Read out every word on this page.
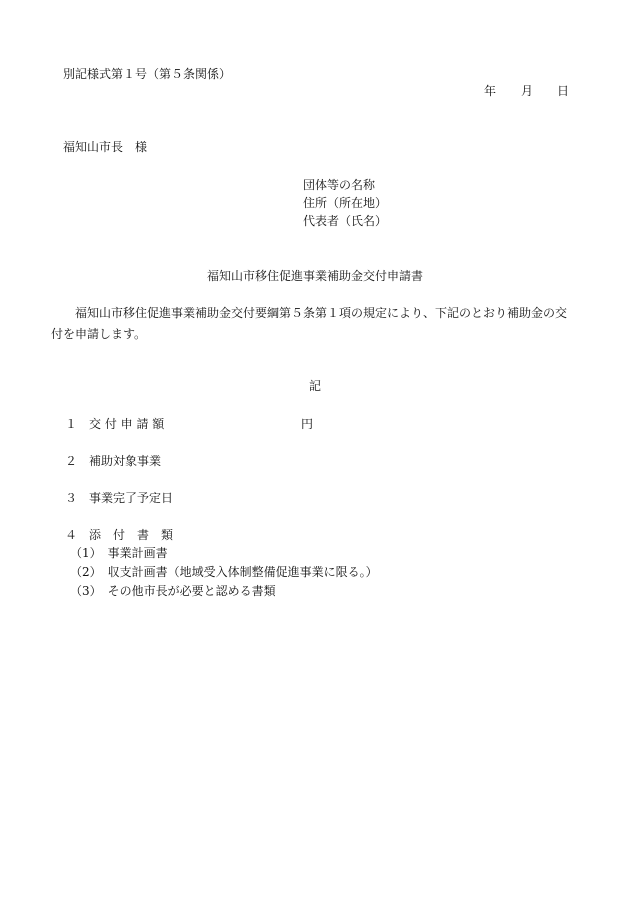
別記様式第１号（第５条関係）
年 月 日
福知山市長　様
団体等の名称
住所（所在地）
代表者（氏名）
福知山市移住促進事業補助金交付申請書
福知山市移住促進事業補助金交付要綱第５条第１項の規定により、下記のとおり補助金の交
付を申請します。
記
１　交 付 申 請 額	円
２　補助対象事業
３　事業完了予定日
４　添　付　書　類
（1）　事業計画書
（2）　収支計画書（地域受入体制整備促進事業に限る。）
（3）　その他市長が必要と認める書類
